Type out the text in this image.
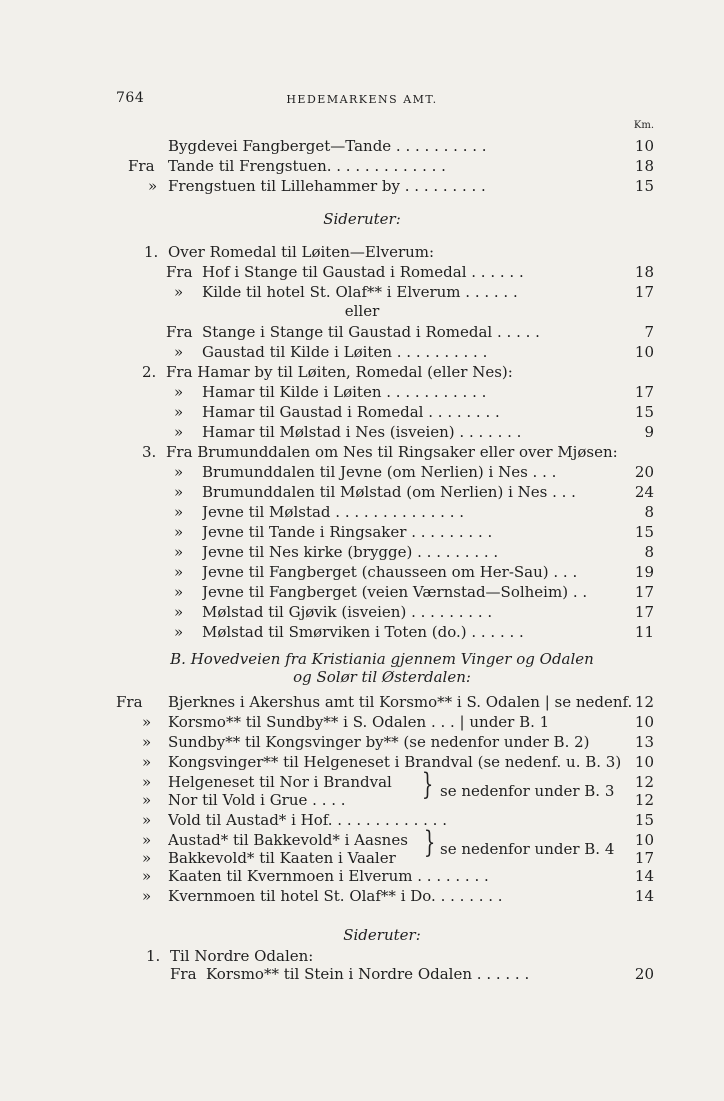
764	HEDEMARKENS AMT.
Km.
Bygdevei Fangberget—Tande . . . . . . . . . .	10
Fra Tande til Frengstuen. . . . . . . . . . . . .	18
» Frengstuen til Lillehammer by . . . . . . . . .	15
Sideruter:
1. Over Romedal til Løiten—Elverum:
Fra Hof i Stange til Gaustad i Romedal . . . . . .	18
» Kilde til hotel St. Olaf** i Elverum . . . . . .	17
eller
Fra Stange i Stange til Gaustad i Romedal . . . . .	7
» Gaustad til Kilde i Løiten . . . . . . . . . .	10
2. Fra Hamar by til Løiten, Romedal (eller Nes):
» Hamar til Kilde i Løiten . . . . . . . . . . .	17
» Hamar til Gaustad i Romedal . . . . . . . .	15
» Hamar til Mølstad i Nes (isveien) . . . . . . .	9
3. Fra Brumunddalen om Nes til Ringsaker eller over Mjøsen:
» Brumunddalen til Jevne (om Nerlien) i Nes . . .	20
» Brumunddalen til Mølstad (om Nerlien) i Nes . . .	24
» Jevne til Mølstad . . . . . . . . . . . . . .	8
» Jevne til Tande i Ringsaker . . . . . . . . .	15
» Jevne til Nes kirke (brygge) . . . . . . . . .	8
» Jevne til Fangberget (chausseen om Her-Sau) . . .	19
» Jevne til Fangberget (veien Værnstad—Solheim) . .	17
» Mølstad til Gjøvik (isveien) . . . . . . . . .	17
» Mølstad til Smørviken i Toten (do.) . . . . . .	11
B. Hovedveien fra Kristiania gjennem Vinger og Odalen
og Solør til Østerdalen:
Fra Bjerknes i Akershus amt til Korsmo** i S. Odalen | se nedenf. 12
» Korsmo** til Sundby** i S. Odalen . . . | under B. 1	10
» Sundby** til Kongsvinger by** (se nedenfor under B. 2)	13
» Kongsvinger** til Helgeneset i Brandval (se nedenf. u. B. 3) 10
» Helgeneset til Nor i Brandval	12
» Nor til Vold i Grue . . . .	12
} se nedenfor under B. 3
» Vold til Austad* i Hof. . . . . . . . . . . . .	15
» Austad* til Bakkevold* i Aasnes	10
» Bakkevold* til Kaaten i Vaaler	17
} se nedenfor under B. 4
» Kaaten til Kvernmoen i Elverum . . . . . . . .	14
» Kvernmoen til hotel St. Olaf** i Do. . . . . . . .	14
Sideruter:
1. Til Nordre Odalen:
Fra Korsmo** til Stein i Nordre Odalen . . . . . .	20
